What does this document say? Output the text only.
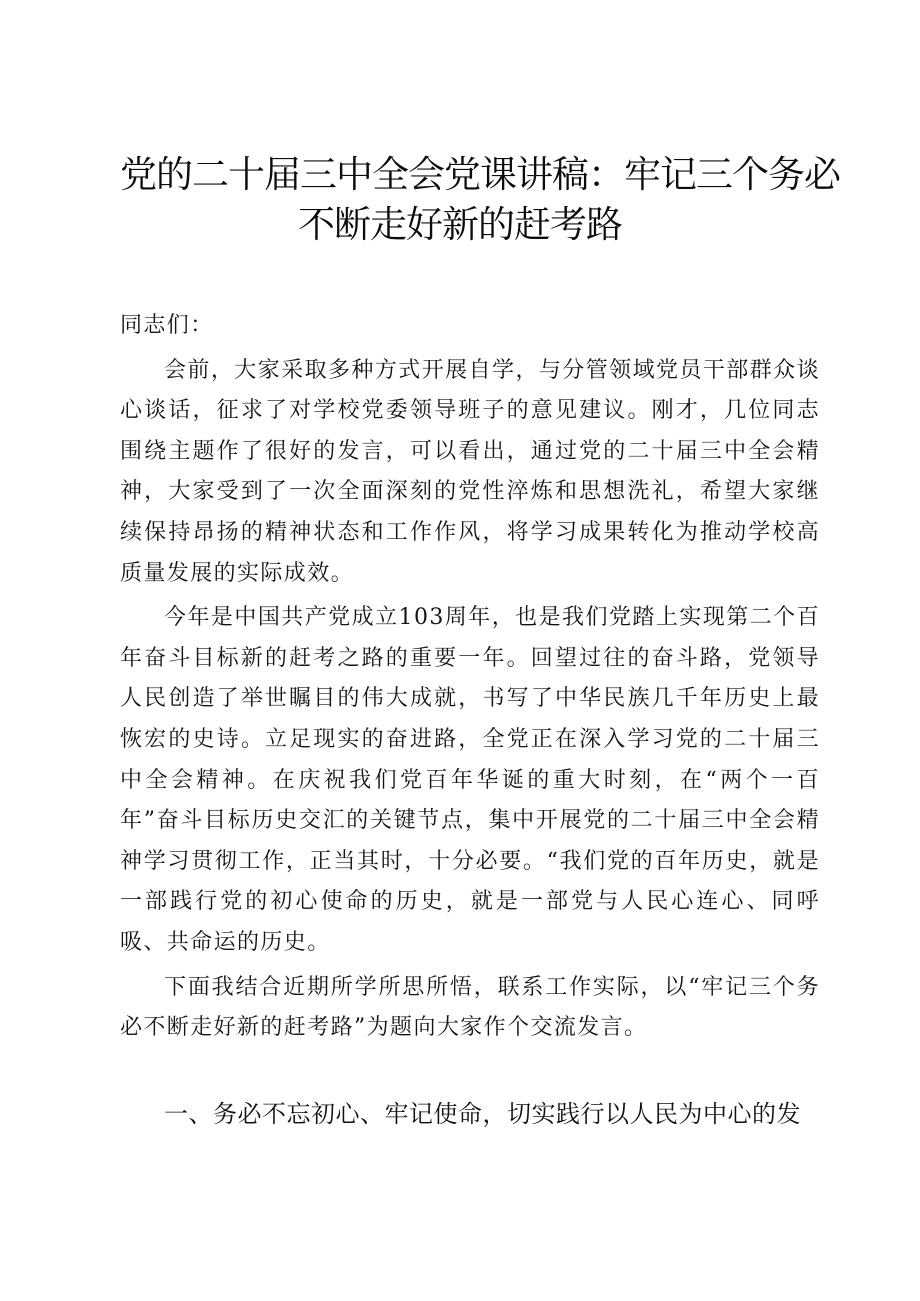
党的二十届三中全会党课讲稿：牢记三个务必
不断走好新的赶考路

同志们：

会前，大家采取多种方式开展自学，与分管领域党员干部群众谈心谈话，征求了对学校党委领导班子的意见建议。刚才，几位同志围绕主题作了很好的发言，可以看出，通过党的二十届三中全会精神，大家受到了一次全面深刻的党性淬炼和思想洗礼，希望大家继续保持昂扬的精神状态和工作作风，将学习成果转化为推动学校高质量发展的实际成效。

今年是中国共产党成立103周年，也是我们党踏上实现第二个百年奋斗目标新的赶考之路的重要一年。回望过往的奋斗路，党领导人民创造了举世瞩目的伟大成就，书写了中华民族几千年历史上最恢宏的史诗。立足现实的奋进路，全党正在深入学习党的二十届三中全会精神。在庆祝我们党百年华诞的重大时刻，在“两个一百年”奋斗目标历史交汇的关键节点，集中开展党的二十届三中全会精神学习贯彻工作，正当其时，十分必要。“我们党的百年历史，就是一部践行党的初心使命的历史，就是一部党与人民心连心、同呼吸、共命运的历史。

下面我结合近期所学所思所悟，联系工作实际，以“牢记三个务必不断走好新的赶考路”为题向大家作个交流发言。

一、务必不忘初心、牢记使命，切实践行以人民为中心的发
